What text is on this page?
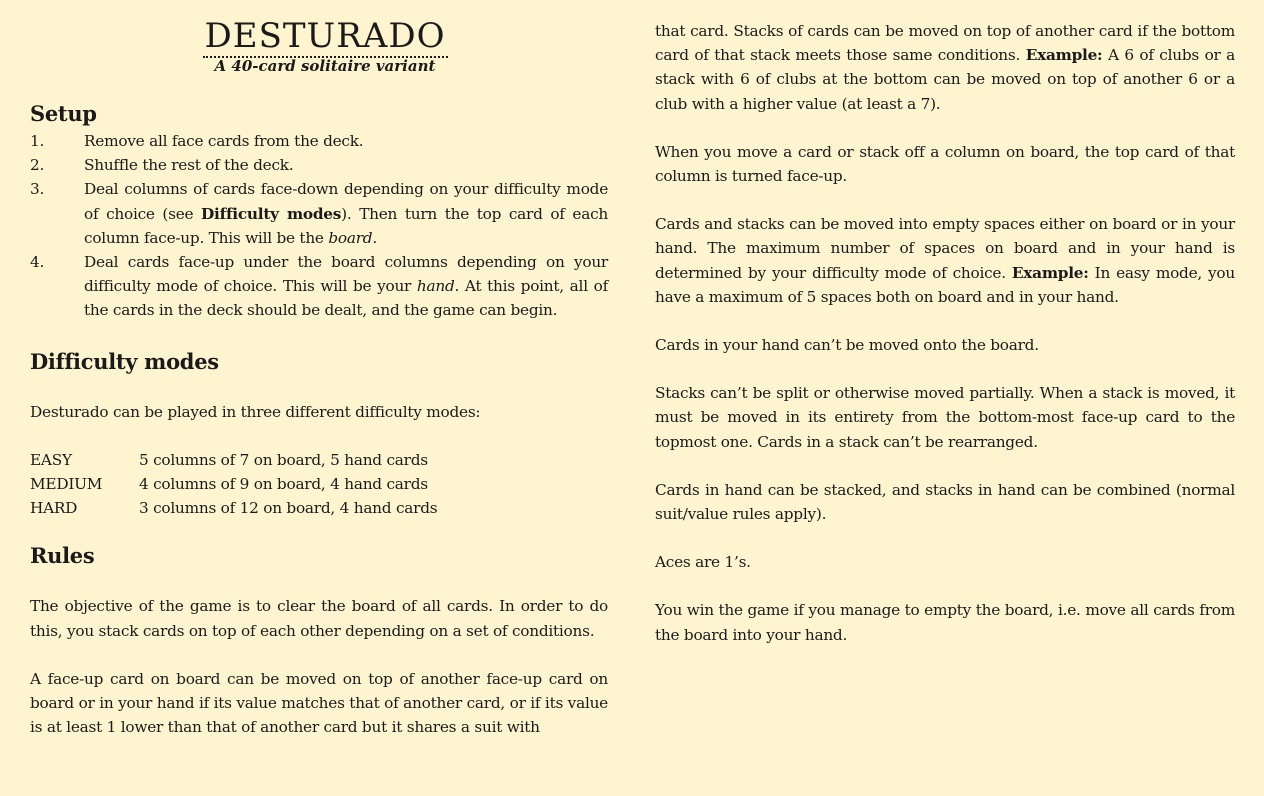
DESTURADO
A 40-card solitaire variant
Setup
1.	Remove all face cards from the deck.
2.	Shuffle the rest of the deck.
3.	Deal columns of cards face-down depending on your difficulty mode of choice (see Difficulty modes). Then turn the top card of each column face-up. This will be the board.
4.	Deal cards face-up under the board columns depending on your difficulty mode of choice. This will be your hand. At this point, all of the cards in the deck should be dealt, and the game can begin.
Difficulty modes

Desturado can be played in three different difficulty modes:

EASY	5 columns of 7 on board, 5 hand cards
MEDIUM	4 columns of 9 on board, 4 hand cards
HARD	3 columns of 12 on board, 4 hand cards
Rules

The objective of the game is to clear the board of all cards. In order to do this, you stack cards on top of each other depending on a set of conditions.

A face-up card on board can be moved on top of another face-up card on board or in your hand if its value matches that of another card, or if its value is at least 1 lower than that of another card but it shares a suit with

that card. Stacks of cards can be moved on top of another card if the bottom card of that stack meets those same conditions. Example: A 6 of clubs or a stack with 6 of clubs at the bottom can be moved on top of another 6 or a club with a higher value (at least a 7).

When you move a card or stack off a column on board, the top card of that column is turned face-up.

Cards and stacks can be moved into empty spaces either on board or in your hand. The maximum number of spaces on board and in your hand is determined by your difficulty mode of choice. Example: In easy mode, you have a maximum of 5 spaces both on board and in your hand.

Cards in your hand can’t be moved onto the board.

Stacks can’t be split or otherwise moved partially. When a stack is moved, it must be moved in its entirety from the bottom-most face-up card to the topmost one. Cards in a stack can’t be rearranged.

Cards in hand can be stacked, and stacks in hand can be combined (normal suit/value rules apply).

Aces are 1’s.

You win the game if you manage to empty the board, i.e. move all cards from the board into your hand.
